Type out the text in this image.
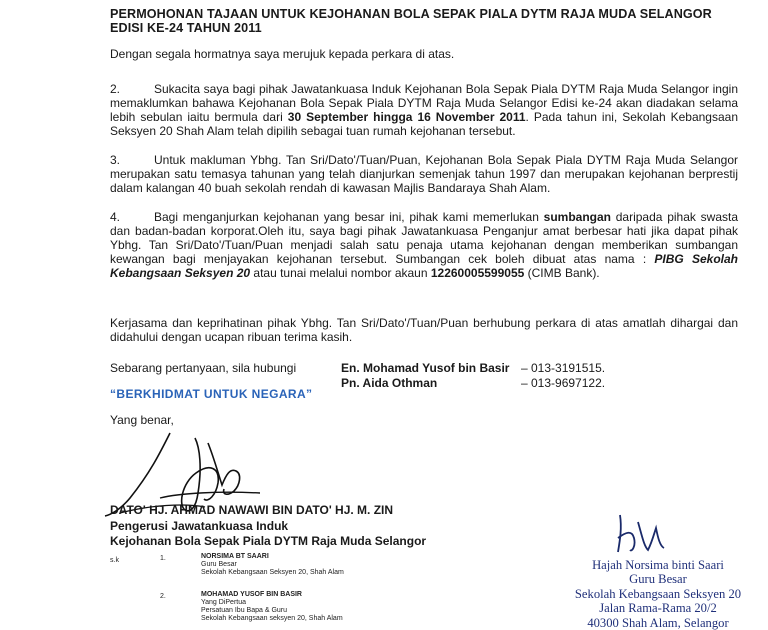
PERMOHONAN TAJAAN UNTUK KEJOHANAN BOLA SEPAK PIALA DYTM RAJA MUDA SELANGOR
EDISI KE-24 TAHUN 2011
Dengan segala hormatnya saya merujuk kepada perkara di atas.
2.	Sukacita saya bagi pihak Jawatankuasa Induk Kejohanan Bola Sepak Piala DYTM Raja Muda Selangor ingin memaklumkan bahawa Kejohanan Bola Sepak Piala DYTM Raja Muda Selangor Edisi ke-24 akan diadakan selama lebih sebulan iaitu bermula dari 30 September hingga 16 November 2011. Pada tahun ini, Sekolah Kebangsaan Seksyen 20 Shah Alam telah dipilih sebagai tuan rumah kejohanan tersebut.
3.	Untuk makluman Ybhg. Tan Sri/Dato'/Tuan/Puan, Kejohanan Bola Sepak Piala DYTM Raja Muda Selangor merupakan satu temasya tahunan yang telah dianjurkan semenjak tahun 1997 dan merupakan kejohanan berprestij dalam kalangan 40 buah sekolah rendah di kawasan Majlis Bandaraya Shah Alam.
4.	Bagi menganjurkan kejohanan yang besar ini, pihak kami memerlukan sumbangan daripada pihak swasta dan badan-badan korporat.Oleh itu, saya bagi pihak Jawatankuasa Penganjur amat berbesar hati jika dapat pihak Ybhg. Tan Sri/Dato'/Tuan/Puan menjadi salah satu penaja utama kejohanan dengan memberikan sumbangan kewangan bagi menjayakan kejohanan tersebut. Sumbangan cek boleh dibuat atas nama : PIBG Sekolah Kebangsaan Seksyen 20 atau tunai melalui nombor akaun 12260005599055 (CIMB Bank).
Kerjasama dan keprihatinan pihak Ybhg. Tan Sri/Dato'/Tuan/Puan berhubung perkara di atas amatlah dihargai dan didahului dengan ucapan ribuan terima kasih.
Sebarang pertanyaan, sila hubungi	En. Mohamad Yusof bin Basir – 013-3191515.
Pn. Aida Othman	– 013-9697122.
“BERKHIDMAT UNTUK NEGARA”
Yang benar,
DATO' HJ. AHMAD NAWAWI BIN DATO' HJ. M. ZIN
Pengerusi Jawatankuasa Induk
Kejohanan Bola Sepak Piala DYTM Raja Muda Selangor
s.k	1.	NORSIMA BT SAARI
Guru Besar
Sekolah Kebangsaan Seksyen 20, Shah Alam
2.	MOHAMAD YUSOF BIN BASIR
Yang DiPertua
Persatuan Ibu Bapa & Guru
Sekolah Kebangsaan seksyen 20, Shah Alam
Hajah Norsima binti Saari
Guru Besar
Sekolah Kebangsaan Seksyen 20
Jalan Rama-Rama 20/2
40300 Shah Alam, Selangor
